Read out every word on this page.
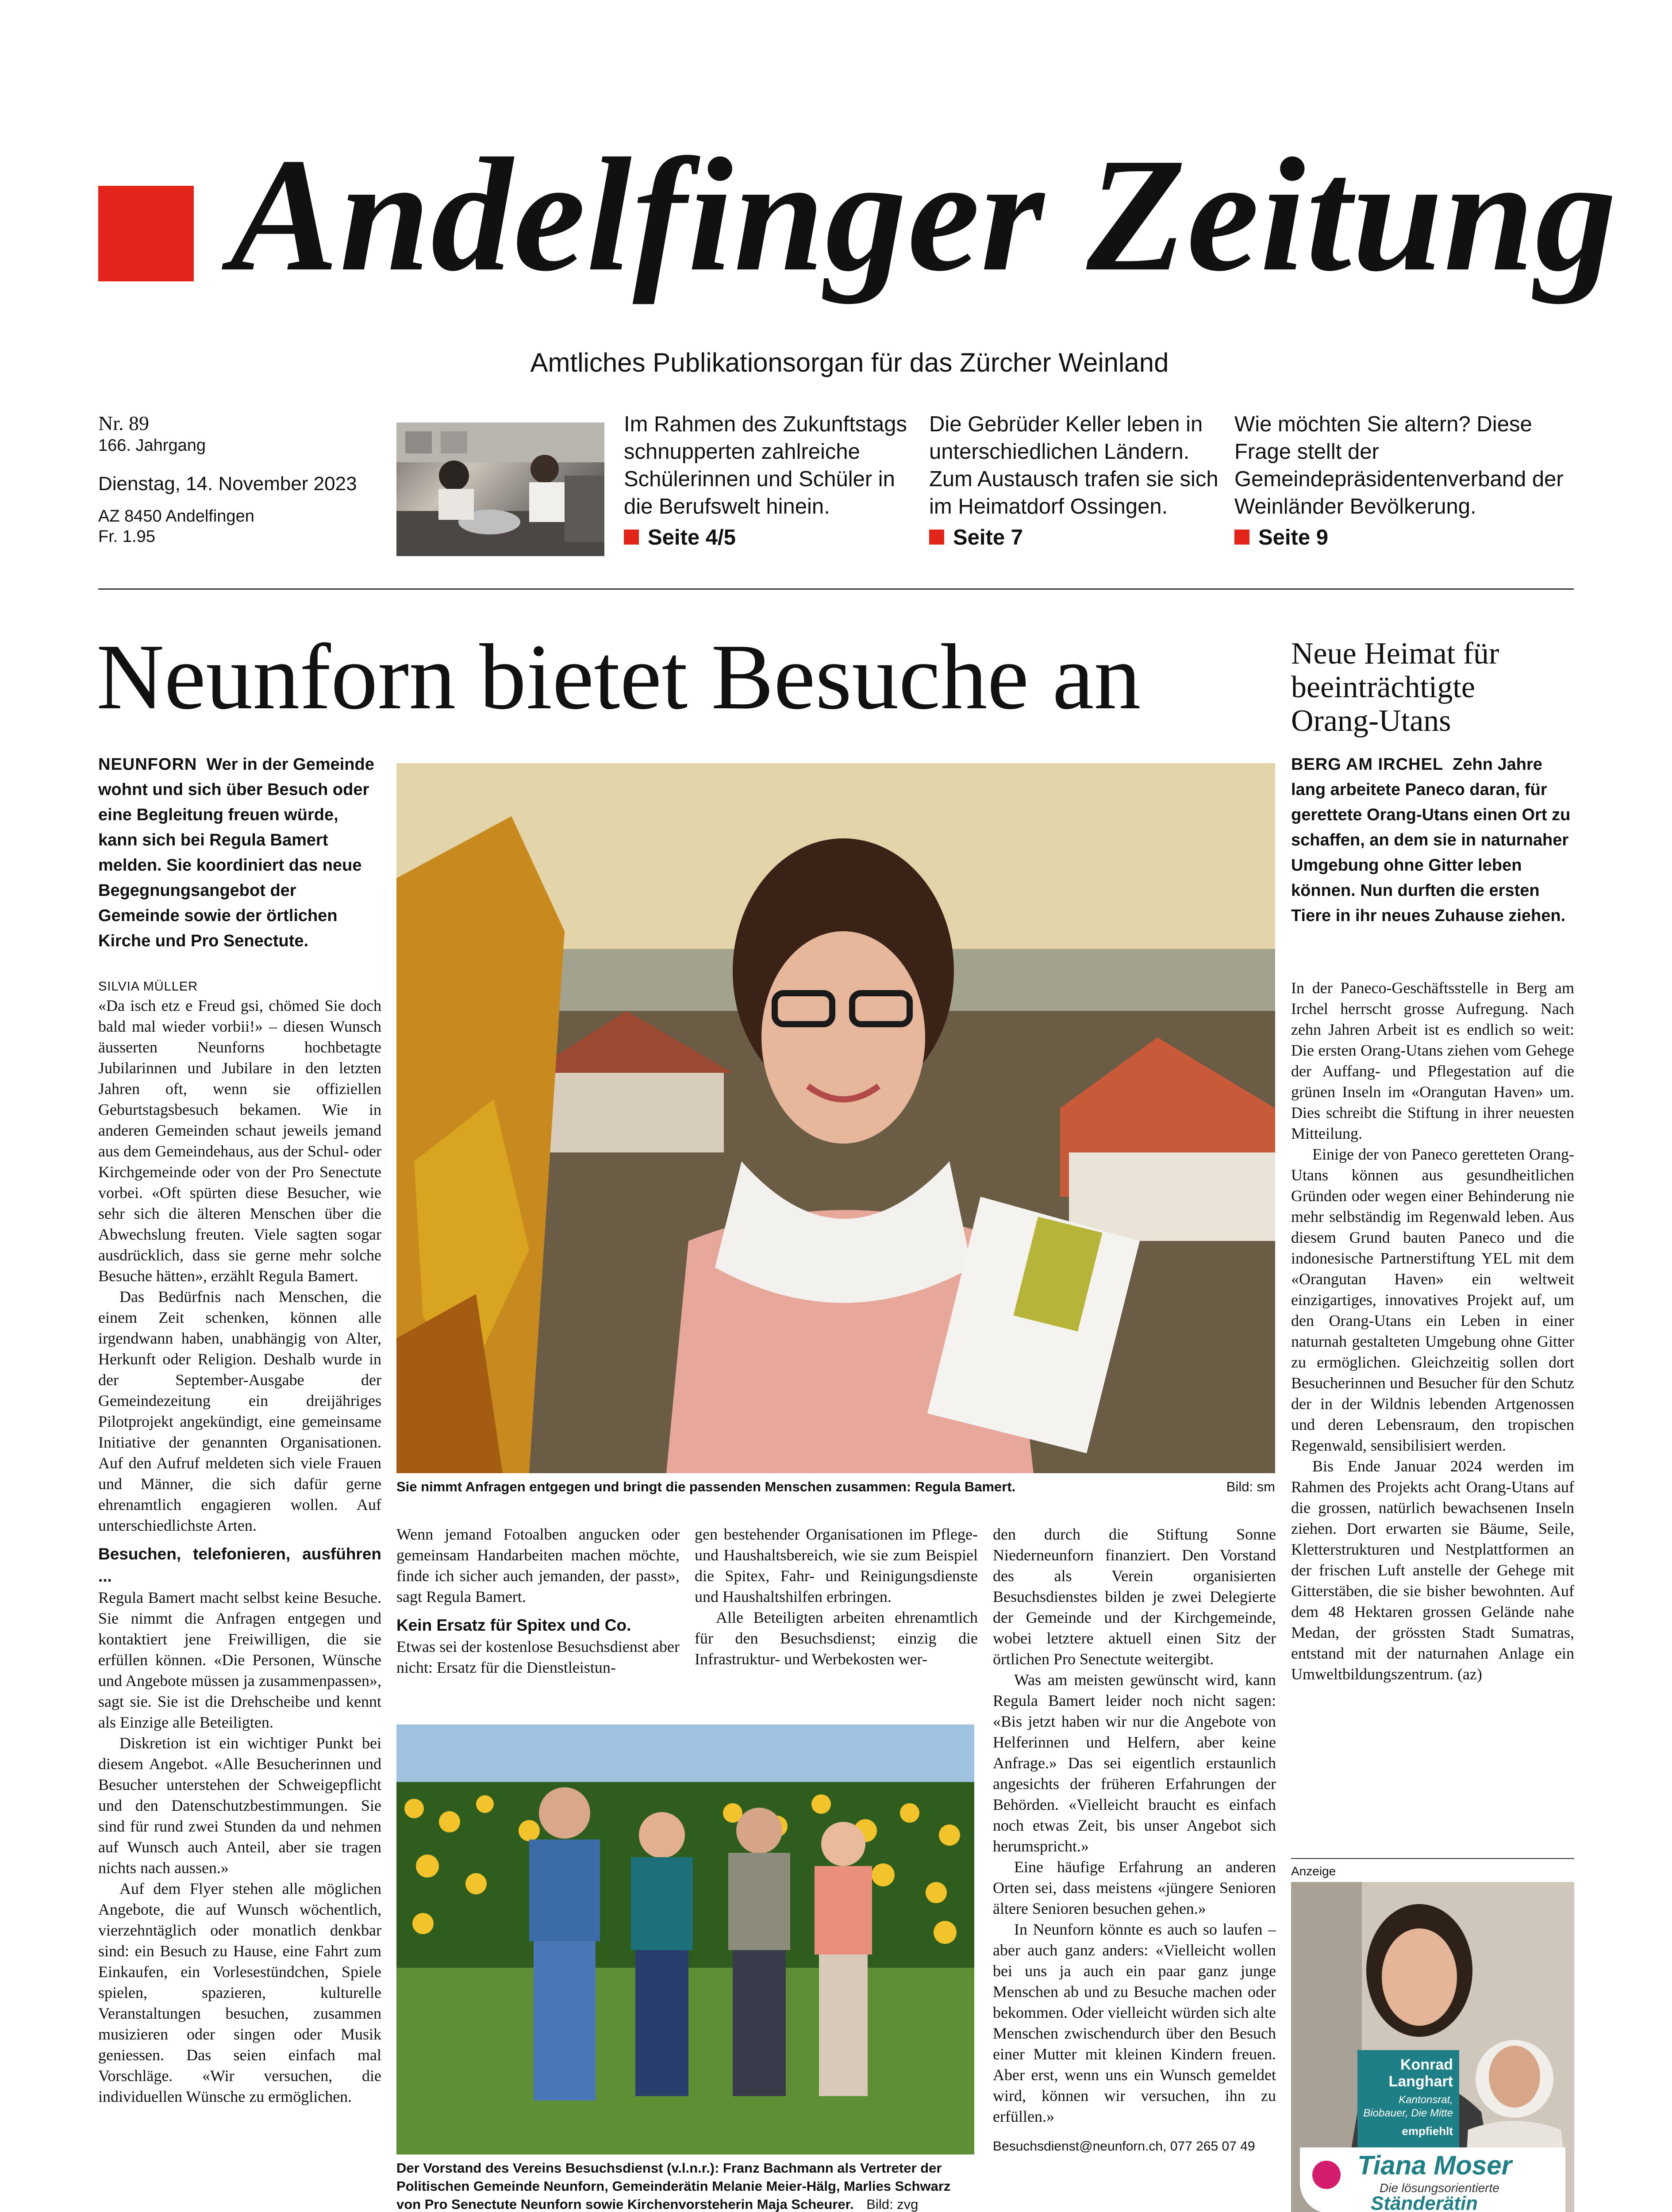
Andelfinger Zeitung
Amtliches Publikationsorgan für das Zürcher Weinland
Nr. 89
166. Jahrgang
Dienstag, 14. November 2023
AZ 8450 Andelfingen
Fr. 1.95
Im Rahmen des Zukunftstags schnupperten zahlreiche Schülerinnen und Schüler in die Berufswelt hinein.
Seite 4/5
Die Gebrüder Keller leben in unterschiedlichen Ländern. Zum Austausch trafen sie sich im Heimatdorf Ossingen.
Seite 7
Wie möchten Sie altern? Diese Frage stellt der Gemeindepräsidentenverband der Weinländer Bevölkerung.
Seite 9
Neunforn bietet Besuche an
NEUNFORN Wer in der Gemeinde wohnt und sich über Besuch oder eine Begleitung freuen würde, kann sich bei Regula Bamert melden. Sie koordiniert das neue Begegnungsangebot der Gemeinde sowie der örtlichen Kirche und Pro Senectute.

SILVIA MÜLLER

«Da isch etz e Freud gsi, chömed Sie doch bald mal wieder vorbii!» – diesen Wunsch äusserten Neunforns hochbetagte Jubilarinnen und Jubilare in den letzten Jahren oft, wenn sie offiziellen Geburtstagsbesuch bekamen. Wie in anderen Gemeinden schaut jeweils jemand aus dem Gemeindehaus, aus der Schul- oder Kirchgemeinde oder von der Pro Senectute vorbei. «Oft spürten diese Besucher, wie sehr sich die älteren Menschen über die Abwechslung freuten. Viele sagten sogar ausdrücklich, dass sie gerne mehr solche Besuche hätten», erzählt Regula Bamert.

Das Bedürfnis nach Menschen, die einem Zeit schenken, können alle irgendwann haben, unabhängig von Alter, Herkunft oder Religion. Deshalb wurde in der September-Ausgabe der Gemeindezeitung ein dreijähriges Pilotprojekt angekündigt, eine gemeinsame Initiative der genannten Organisationen. Auf den Aufruf meldeten sich viele Frauen und Männer, die sich dafür gerne ehrenamtlich engagieren wollen. Auf unterschiedlichste Arten.

Besuchen, telefonieren, ausführen ...

Regula Bamert macht selbst keine Besuche. Sie nimmt die Anfragen entgegen und kontaktiert jene Freiwilligen, die sie erfüllen können. «Die Personen, Wünsche und Angebote müssen ja zusammenpassen», sagt sie. Sie ist die Drehscheibe und kennt als Einzige alle Beteiligten.

Diskretion ist ein wichtiger Punkt bei diesem Angebot. «Alle Besucherinnen und Besucher unterstehen der Schweigepflicht und den Datenschutzbestimmungen. Sie sind für rund zwei Stunden da und nehmen auf Wunsch auch Anteil, aber sie tragen nichts nach aussen.»

Auf dem Flyer stehen alle möglichen Angebote, die auf Wunsch wöchentlich, vierzehntäglich oder monatlich denkbar sind: ein Besuch zu Hause, eine Fahrt zum Einkaufen, ein Vorlesestündchen, Spiele spielen, spazieren, kulturelle Veranstaltungen besuchen, zusammen musizieren oder singen oder Musik geniessen. Das seien einfach mal Vorschläge. «Wir versuchen, die individuellen Wünsche zu ermöglichen.

Sie nimmt Anfragen entgegen und bringt die passenden Menschen zusammen: Regula Bamert.	Bild: sm

Wenn jemand Fotoalben angucken oder gemeinsam Handarbeiten machen möchte, finde ich sicher auch jemanden, der passt», sagt Regula Bamert.

Kein Ersatz für Spitex und Co.

Etwas sei der kostenlose Besuchsdienst aber nicht: Ersatz für die Dienstleistun-

gen bestehender Organisationen im Pflege- und Haushaltsbereich, wie sie zum Beispiel die Spitex, Fahr- und Reinigungsdienste und Haushaltshilfen erbringen.

Alle Beteiligten arbeiten ehrenamtlich für den Besuchsdienst; einzig die Infrastruktur- und Werbekosten wer-

Der Vorstand des Vereins Besuchsdienst (v.l.n.r.): Franz Bachmann als Vertreter der Politischen Gemeinde Neunforn, Gemeinderätin Melanie Meier-Hälg, Marlies Schwarz von Pro Senectute Neunforn sowie Kirchenvorsteherin Maja Scheurer. Bild: zvg

den durch die Stiftung Sonne Niederneunforn finanziert. Den Vorstand des als Verein organisierten Besuchsdienstes bilden je zwei Delegierte der Gemeinde und der Kirchgemeinde, wobei letztere aktuell einen Sitz der örtlichen Pro Senectute weitergibt.

Was am meisten gewünscht wird, kann Regula Bamert leider noch nicht sagen: «Bis jetzt haben wir nur die Angebote von Helferinnen und Helfern, aber keine Anfrage.» Das sei eigentlich erstaunlich angesichts der früheren Erfahrungen der Behörden. «Vielleicht braucht es einfach noch etwas Zeit, bis unser Angebot sich herumspricht.»

Eine häufige Erfahrung an anderen Orten sei, dass meistens «jüngere Senioren ältere Senioren besuchen gehen.»

In Neunforn könnte es auch so laufen – aber auch ganz anders: «Vielleicht wollen bei uns ja auch ein paar ganz junge Menschen ab und zu Besuche machen oder bekommen. Oder vielleicht würden sich alte Menschen zwischendurch über den Besuch einer Mutter mit kleinen Kindern freuen. Aber erst, wenn uns ein Wunsch gemeldet wird, können wir versuchen, ihn zu erfüllen.»

Besuchsdienst@neunforn.ch, 077 265 07 49

Neue Heimat für beeinträchtigte Orang-Utans
BERG AM IRCHEL Zehn Jahre lang arbeitete Paneco daran, für gerettete Orang-Utans einen Ort zu schaffen, an dem sie in naturnaher Umgebung ohne Gitter leben können. Nun durften die ersten Tiere in ihr neues Zuhause ziehen.

In der Paneco-Geschäftsstelle in Berg am Irchel herrscht grosse Aufregung. Nach zehn Jahren Arbeit ist es endlich so weit: Die ersten Orang-Utans ziehen vom Gehege der Auffang- und Pflegestation auf die grünen Inseln im «Orangutan Haven» um. Dies schreibt die Stiftung in ihrer neuesten Mitteilung.

Einige der von Paneco geretteten Orang-Utans können aus gesundheitlichen Gründen oder wegen einer Behinderung nie mehr selbständig im Regenwald leben. Aus diesem Grund bauten Paneco und die indonesische Partnerstiftung YEL mit dem «Orangutan Haven» ein weltweit einzigartiges, innovatives Projekt auf, um den Orang-Utans ein Leben in einer naturnah gestalteten Umgebung ohne Gitter zu ermöglichen. Gleichzeitig sollen dort Besucherinnen und Besucher für den Schutz der in der Wildnis lebenden Artgenossen und deren Lebensraum, den tropischen Regenwald, sensibilisiert werden.

Bis Ende Januar 2024 werden im Rahmen des Projekts acht Orang-Utans auf die grossen, natürlich bewachsenen Inseln ziehen. Dort erwarten sie Bäume, Seile, Kletterstrukturen und Nestplattformen an der frischen Luft anstelle der Gehege mit Gitterstäben, die sie bisher bewohnten. Auf dem 48 Hektaren grossen Gelände nahe Medan, der grössten Stadt Sumatras, entstand mit der naturnahen Anlage ein Umweltbildungszentrum. (az)

Anzeige
Konrad Langhart
Kantonsrat, Biobauer, Die Mitte
empfiehlt
Tiana Moser
Die lösungsorientierte
Ständerätin
